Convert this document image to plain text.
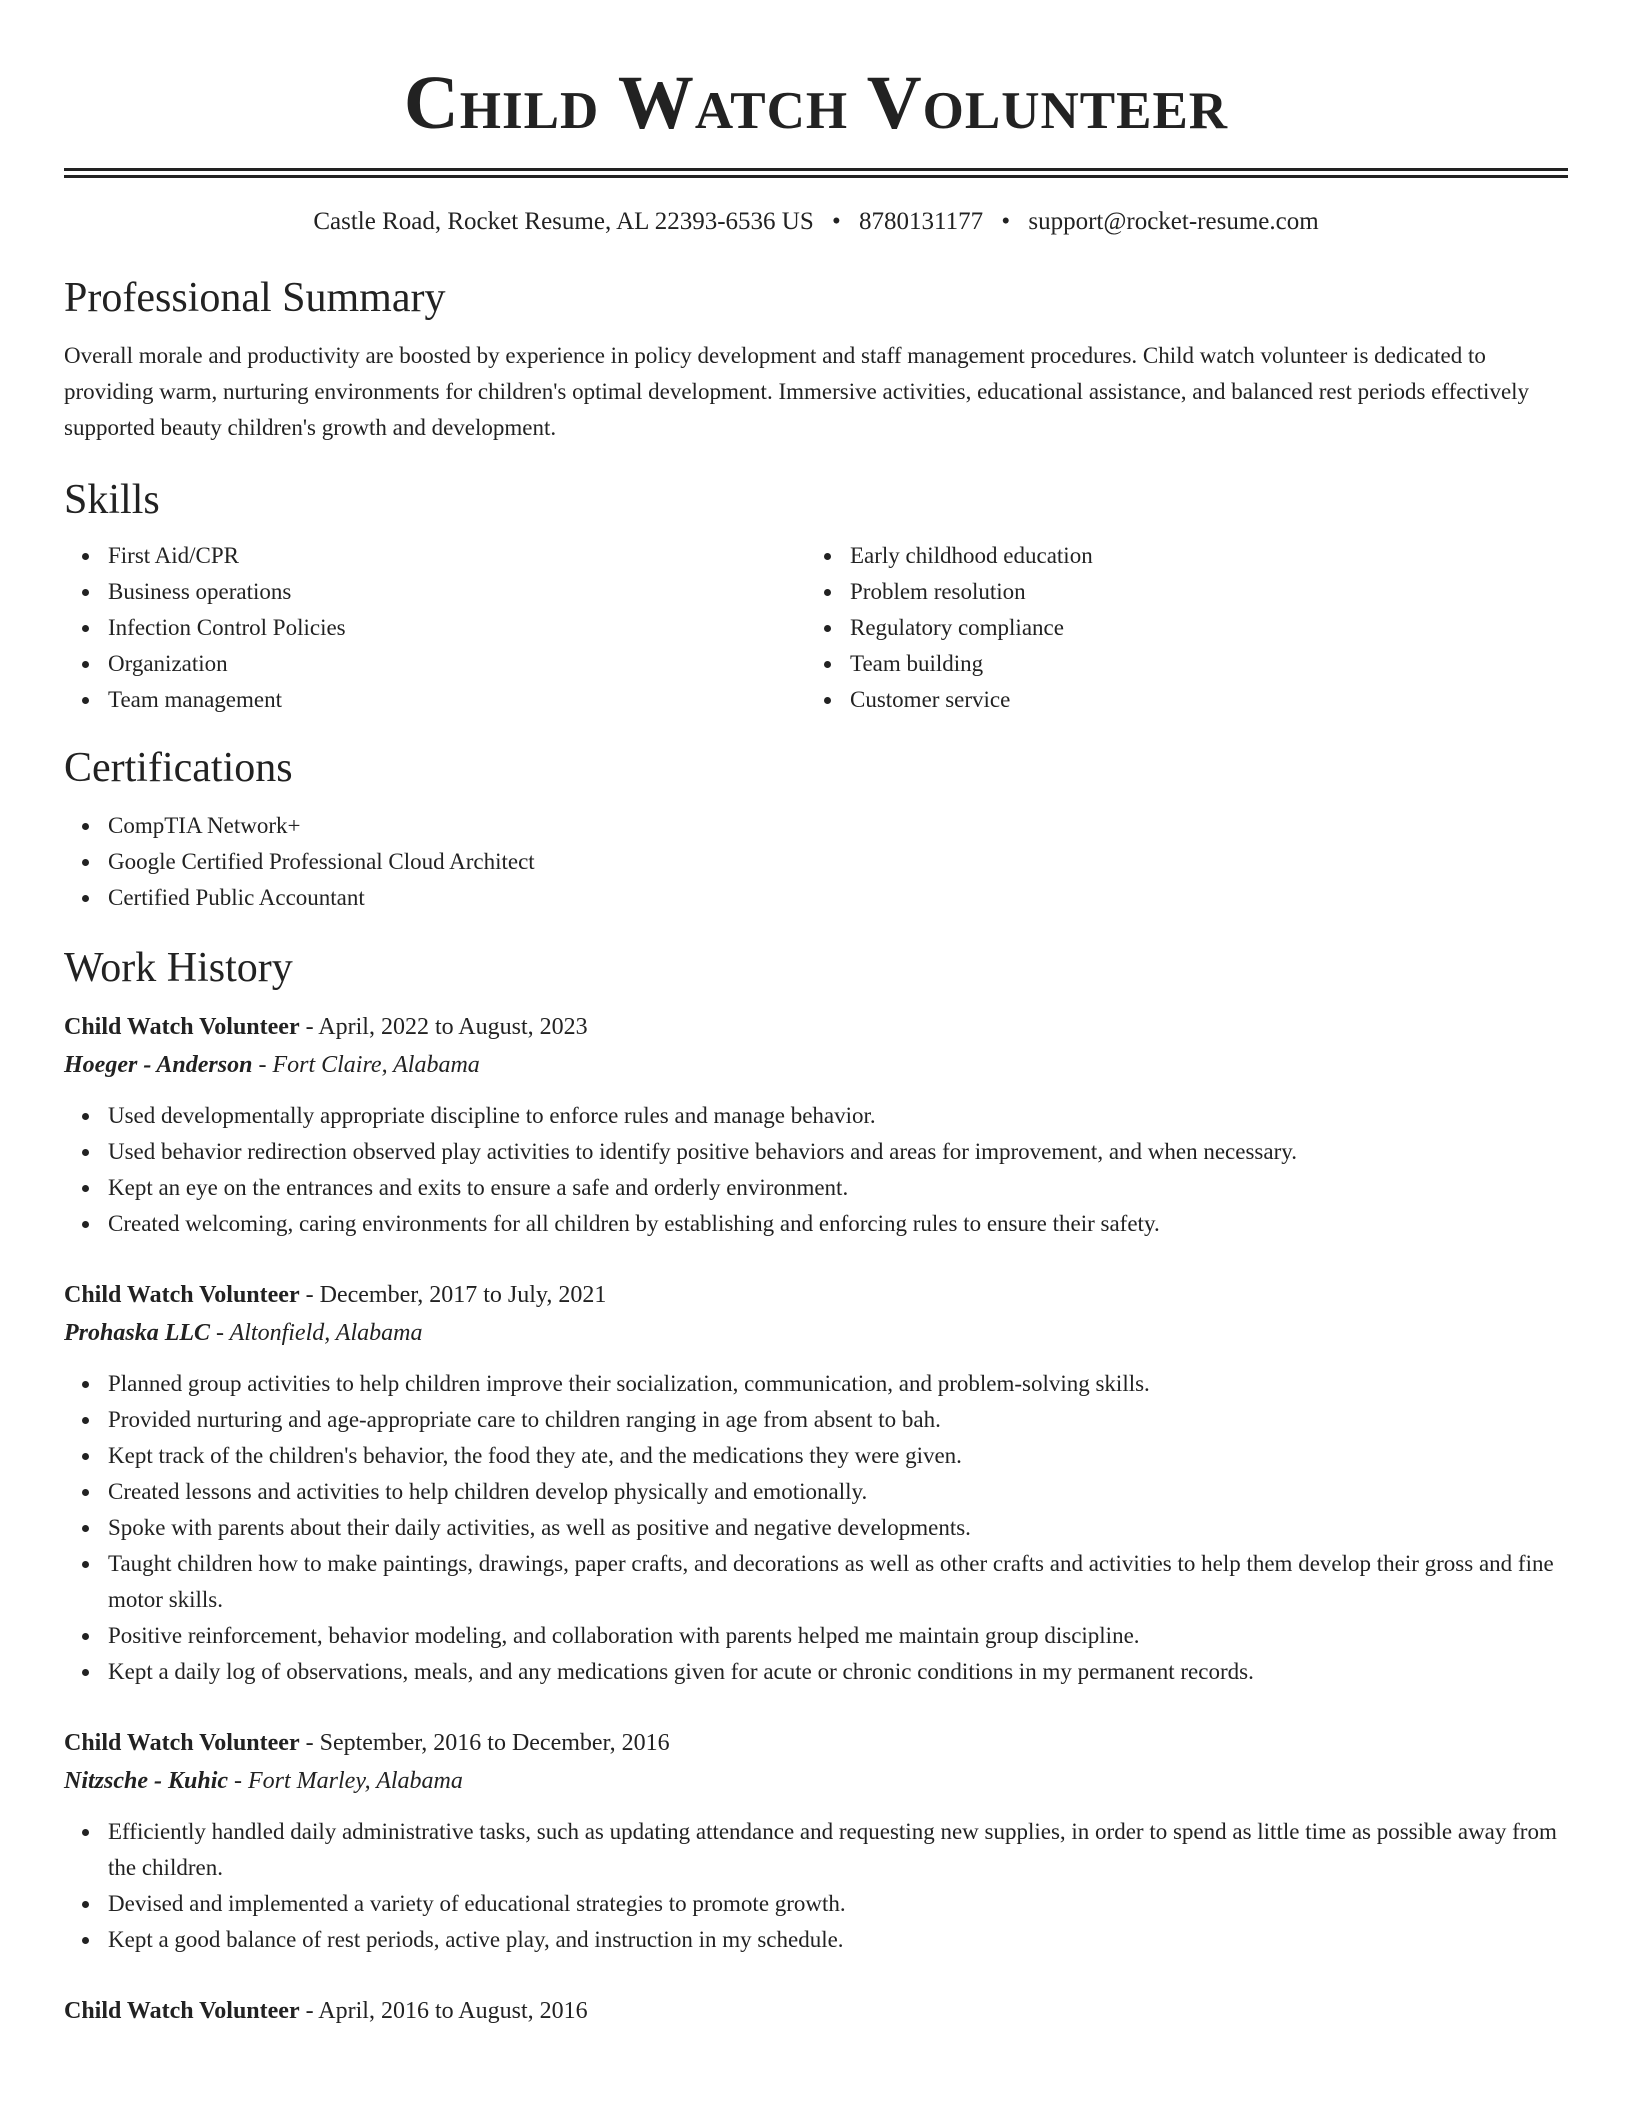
Child Watch Volunteer
Castle Road, Rocket Resume, AL 22393-6536 US • 8780131177 • support@rocket-resume.com
Professional Summary

Overall morale and productivity are boosted by experience in policy development and staff management procedures. Child watch volunteer is dedicated to providing warm, nurturing environments for children's optimal development. Immersive activities, educational assistance, and balanced rest periods effectively supported beauty children's growth and development.

Skills
First Aid/CPR
Business operations
Infection Control Policies
Organization
Team management
Early childhood education
Problem resolution
Regulatory compliance
Team building
Customer service
Certifications
CompTIA Network+
Google Certified Professional Cloud Architect
Certified Public Accountant
Work History
Child Watch Volunteer - April, 2022 to August, 2023
Hoeger - Anderson - Fort Claire, Alabama
Used developmentally appropriate discipline to enforce rules and manage behavior.
Used behavior redirection observed play activities to identify positive behaviors and areas for improvement, and when necessary.
Kept an eye on the entrances and exits to ensure a safe and orderly environment.
Created welcoming, caring environments for all children by establishing and enforcing rules to ensure their safety.
Child Watch Volunteer - December, 2017 to July, 2021
Prohaska LLC - Altonfield, Alabama
Planned group activities to help children improve their socialization, communication, and problem-solving skills.
Provided nurturing and age-appropriate care to children ranging in age from absent to bah.
Kept track of the children's behavior, the food they ate, and the medications they were given.
Created lessons and activities to help children develop physically and emotionally.
Spoke with parents about their daily activities, as well as positive and negative developments.
Taught children how to make paintings, drawings, paper crafts, and decorations as well as other crafts and activities to help them develop their gross and fine motor skills.
Positive reinforcement, behavior modeling, and collaboration with parents helped me maintain group discipline.
Kept a daily log of observations, meals, and any medications given for acute or chronic conditions in my permanent records.
Child Watch Volunteer - September, 2016 to December, 2016
Nitzsche - Kuhic - Fort Marley, Alabama
Efficiently handled daily administrative tasks, such as updating attendance and requesting new supplies, in order to spend as little time as possible away from the children.
Devised and implemented a variety of educational strategies to promote growth.
Kept a good balance of rest periods, active play, and instruction in my schedule.
Child Watch Volunteer - April, 2016 to August, 2016
